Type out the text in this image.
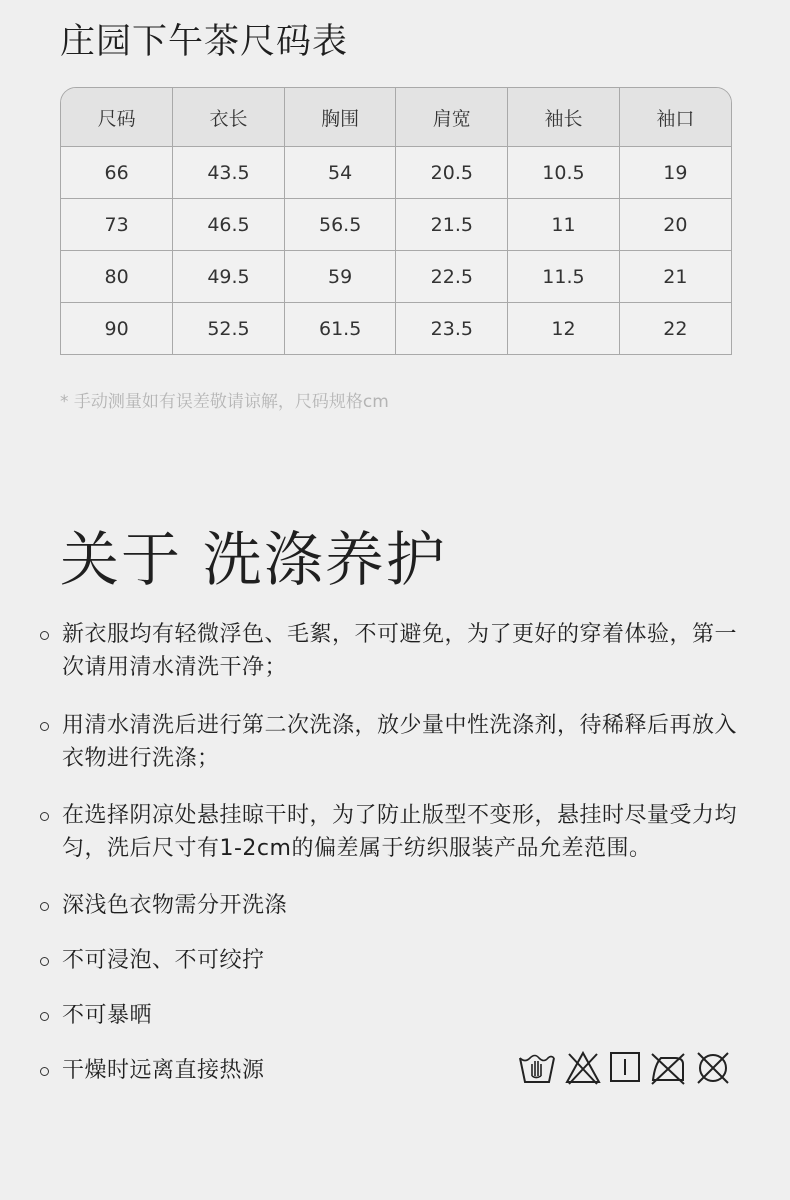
庄园下午茶尺码表
尺码	衣长	胸围	肩宽	袖长	袖口
66	43.5	54	20.5	10.5	19
73	46.5	56.5	21.5	11	20
80	49.5	59	22.5	11.5	21
90	52.5	61.5	23.5	12	22
* 手动测量如有误差敬请谅解，尺码规格cm
关于 洗涤养护
新衣服均有轻微浮色、毛絮，不可避免，为了更好的穿着体验，第一次请用清水清洗干净；
用清水清洗后进行第二次洗涤，放少量中性洗涤剂，待稀释后再放入衣物进行洗涤；
在选择阴凉处悬挂晾干时，为了防止版型不变形，悬挂时尽量受力均匀，洗后尺寸有1-2cm的偏差属于纺织服装产品允差范围。
深浅色衣物需分开洗涤
不可浸泡、不可绞拧
不可暴晒
干燥时远离直接热源
